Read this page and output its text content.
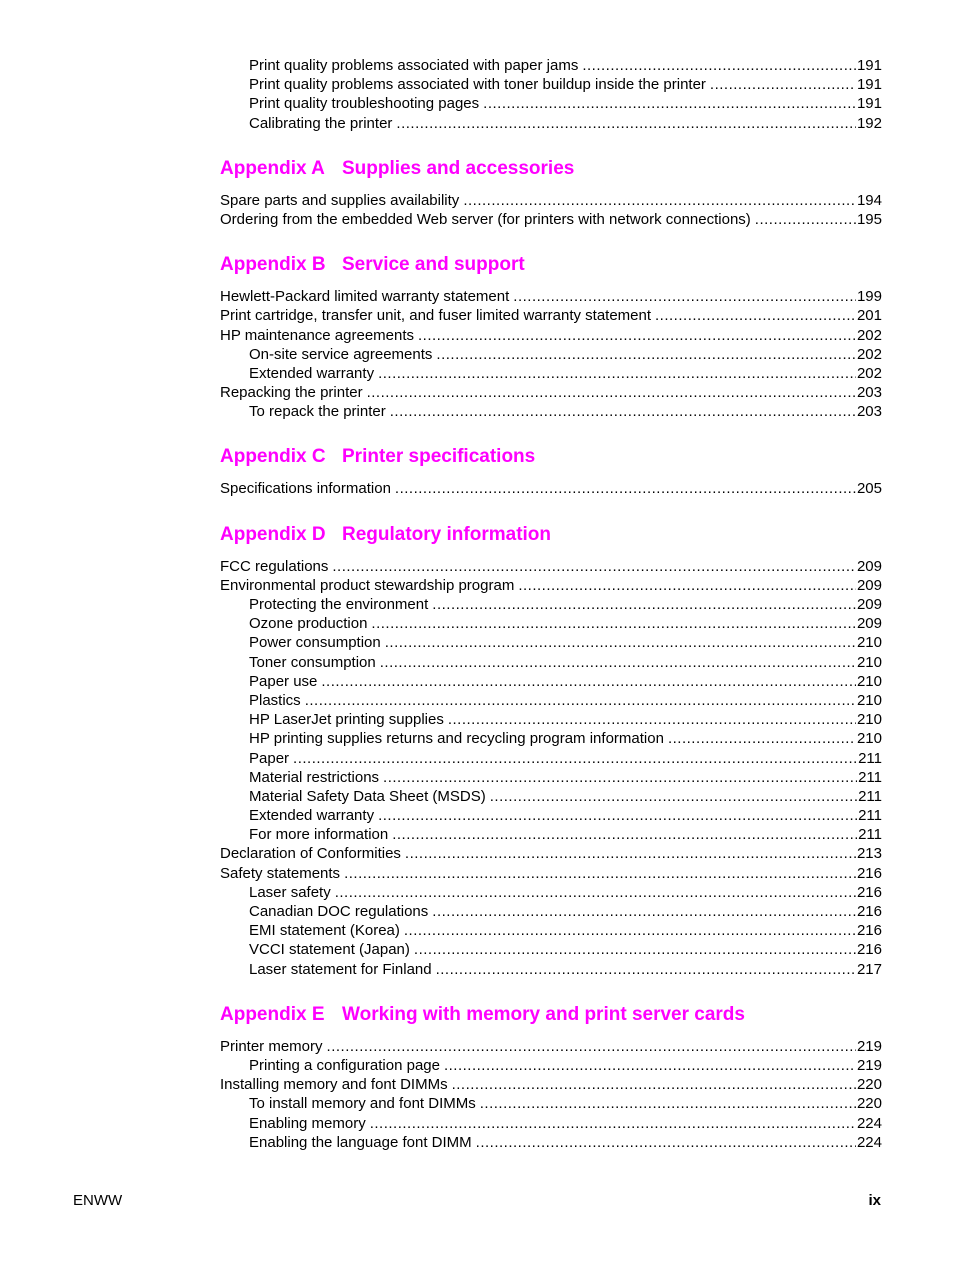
Print quality problems associated with paper jams .....	191
Print quality problems associated with toner buildup inside the printer .....	191
Print quality troubleshooting pages .....	191
Calibrating the printer .....	192
Appendix A Supplies and accessories
Spare parts and supplies availability .....	194
Ordering from the embedded Web server (for printers with network connections) .....	195
Appendix B Service and support
Hewlett-Packard limited warranty statement .....	199
Print cartridge, transfer unit, and fuser limited warranty statement .....	201
HP maintenance agreements .....	202
On-site service agreements .....	202
Extended warranty .....	202
Repacking the printer .....	203
To repack the printer .....	203
Appendix C Printer specifications
Specifications information .....	205
Appendix D Regulatory information
FCC regulations .....	209
Environmental product stewardship program .....	209
Protecting the environment .....	209
Ozone production .....	209
Power consumption .....	210
Toner consumption .....	210
Paper use .....	210
Plastics .....	210
HP LaserJet printing supplies .....	210
HP printing supplies returns and recycling program information .....	210
Paper .....	211
Material restrictions .....	211
Material Safety Data Sheet (MSDS) .....	211
Extended warranty .....	211
For more information .....	211
Declaration of Conformities .....	213
Safety statements .....	216
Laser safety .....	216
Canadian DOC regulations .....	216
EMI statement (Korea) .....	216
VCCI statement (Japan) .....	216
Laser statement for Finland .....	217
Appendix E Working with memory and print server cards
Printer memory .....	219
Printing a configuration page .....	219
Installing memory and font DIMMs .....	220
To install memory and font DIMMs .....	220
Enabling memory .....	224
Enabling the language font DIMM .....	224
ENWW	ix
